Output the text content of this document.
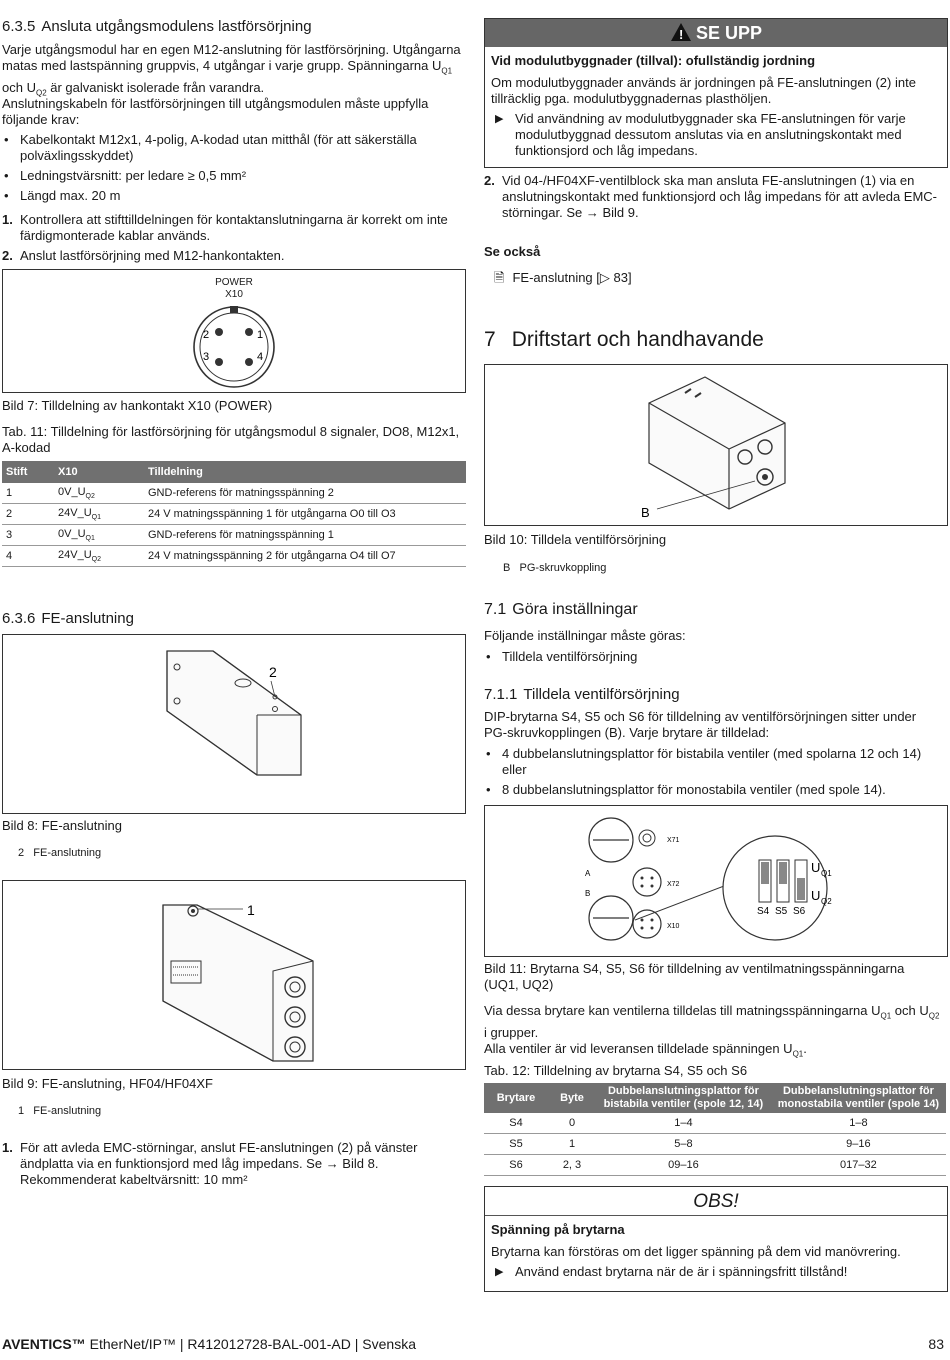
6.3.5 Ansluta utgångsmodulens lastförsörjning

Varje utgångsmodul har en egen M12-anslutning för lastförsörjning. Utgångarna matas med lastspänning gruppvis, 4 utgångar i varje grupp. Spänningarna $U_{Q1}$ och $U_{Q2}$ är galvaniskt isolerade från varandra.

Anslutningskabeln för lastförsörjningen till utgångsmodulen måste uppfylla följande krav:

• Kabelkontakt M12x1, 4-polig, A-kodad utan mitthål (för att säkerställa polväxlingsskyddet)
• Ledningstvärsnitt: per ledare ≥ 0,5 mm²
• Längd max. 20 m
1. Kontrollera att stifttilldelningen för kontaktanslutningarna är korrekt om inte färdigmonterade kablar används.
2. Anslut lastförsörjning med M12-hankontakten.
POWER
X10
2	1
3	4

Bild 7: Tilldelning av hankontakt X10 (POWER)

Tab. 11: Tilldelning för lastförsörjning för utgångsmodul 8 signaler, DO8, M12x1, A-kodad

Stift	X10	Tilldelning
1	$0V\_U_{Q2}$	GND-referens för matningsspänning 2
2	$24V\_U_{Q1}$	24 V matningsspänning 1 för utgångarna O0 till O3
3	$0V\_U_{Q1}$	GND-referens för matningsspänning 1
4	$24V\_U_{Q2}$	24 V matningsspänning 2 för utgångarna O4 till O7
6.3.6 FE-anslutning
2

Bild 8: FE-anslutning

2 FE-anslutning

1

Bild 9: FE-anslutning, HF04/HF04XF

1 FE-anslutning

1. För att avleda EMC-störningar, anslut FE-anslutningen (2) på vänster ändplatta via en funktionsjord med låg impedans. Se → Bild 8.
Rekommenderat kabeltvärsnitt: 10 mm²
! SE UPP

Vid modulutbyggnader (tillval): ofullständig jordning

Om modulutbyggnader används är jordningen på FE-anslutningen (2) inte tillräcklig pga. modulutbyggnadernas plasthöljen.

▶ Vid användning av modulutbyggnader ska FE-anslutningen för varje modulutbyggnad dessutom anslutas via en anslutningskontakt med funktionsjord och låg impedans.
2. Vid 04-/HF04XF-ventilblock ska man ansluta FE-anslutningen (1) via en anslutningskontakt med funktionsjord och låg impedans för att avleda EMC-störningar. Se → Bild 9.

Se också

🗎 FE-anslutning [▷ 83]

7 Driftstart och handhavande
B

Bild 10: Tilldela ventilförsörjning

B PG-skruvkoppling

7.1 Göra inställningar

Följande inställningar måste göras:

• Tilldela ventilförsörjning
7.1.1 Tilldela ventilförsörjning

DIP-brytarna S4, S5 och S6 för tilldelning av ventilförsörjningen sitter under PG-skruvkopplingen (B). Varje brytare är tilldelad:

• 4 dubbelanslutningsplattor för bistabila ventiler (med spolarna 12 och 14) eller
• 8 dubbelanslutningsplattor för monostabila ventiler (med spole 14).
X71
A
B
X72
X10
S4 S5 S6
U Q1
U Q2

Bild 11: Brytarna S4, S5, S6 för tilldelning av ventilmatningsspänningarna (UQ1, UQ2)

Via dessa brytare kan ventilerna tilldelas till matningsspänningarna $U_{Q1}$ och $U_{Q2}$ i grupper.

Alla ventiler är vid leveransen tilldelade spänningen $U_{Q1}$.

Tab. 12: Tilldelning av brytarna S4, S5 och S6

Brytare	Byte	Dubbelanslutningsplattor för bistabila ventiler (spole 12, 14)	Dubbelanslutningsplattor för monostabila ventiler (spole 14)
S4	0	1–4	1–8
S5	1	5–8	9–16
S6	2, 3	09–16	017–32
OBS!

Spänning på brytarna

Brytarna kan förstöras om det ligger spänning på dem vid manövrering.

▶ Använd endast brytarna när de är i spänningsfritt tillstånd!
AVENTICS™ EtherNet/IP™ | R412012728-BAL-001-AD | Svenska	83
